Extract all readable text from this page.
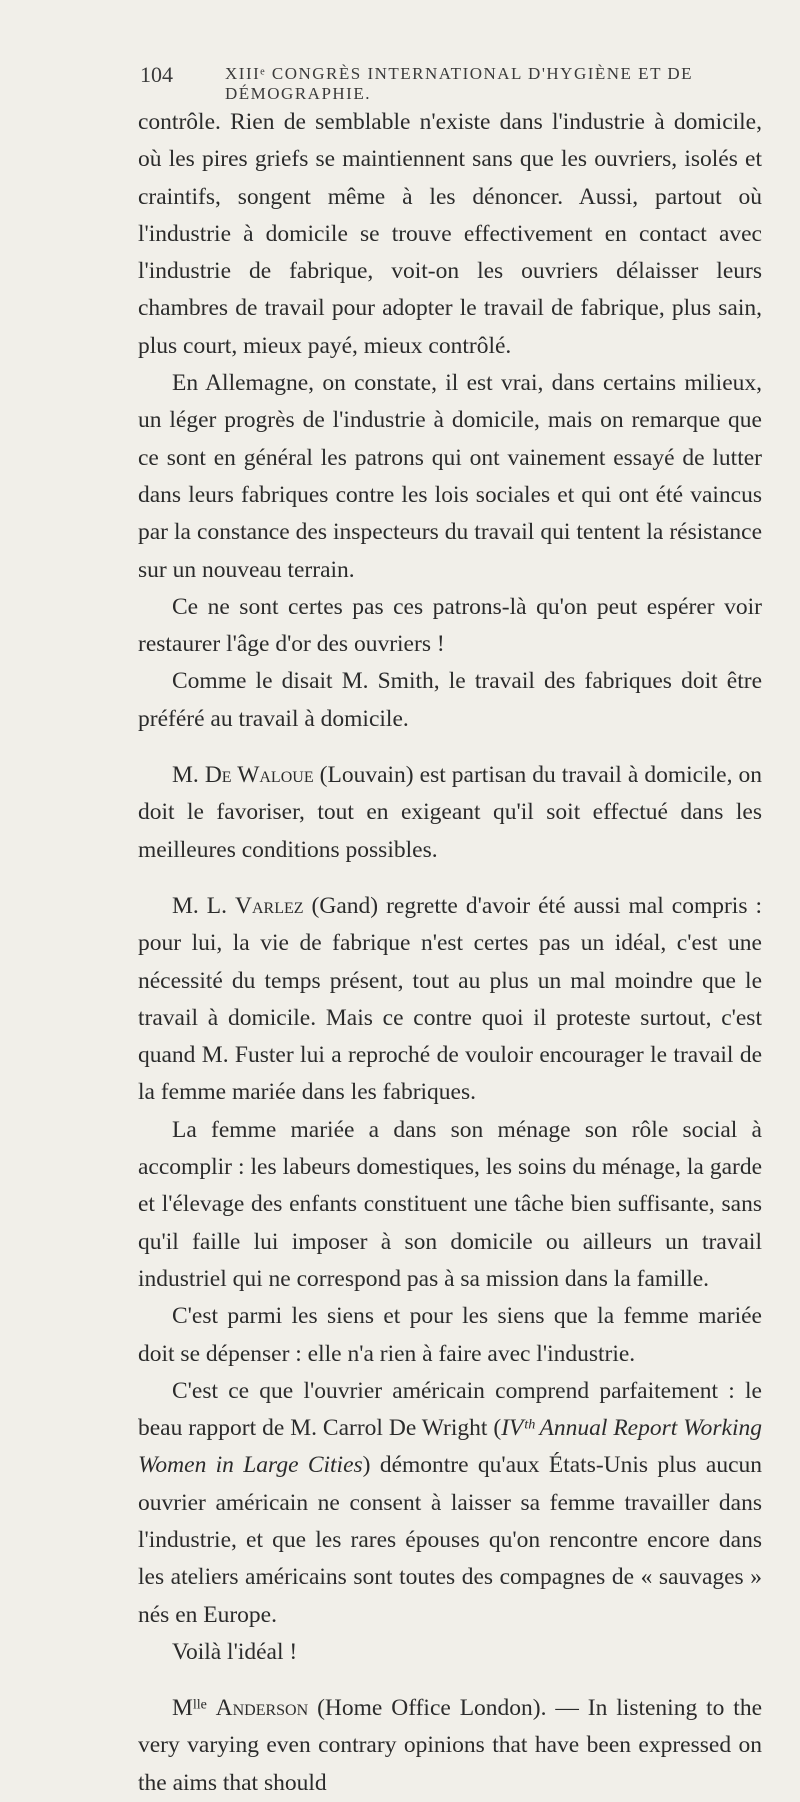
104	XIIIᵉ CONGRÈS INTERNATIONAL D'HYGIÈNE ET DE DÉMOGRAPHIE.

contrôle. Rien de semblable n'existe dans l'industrie à domicile, où les pires griefs se maintiennent sans que les ouvriers, isolés et craintifs, songent même à les dénoncer. Aussi, partout où l'industrie à domicile se trouve effectivement en contact avec l'industrie de fabrique, voit-on les ouvriers délaisser leurs chambres de travail pour adopter le travail de fabrique, plus sain, plus court, mieux payé, mieux contrôlé.

En Allemagne, on constate, il est vrai, dans certains milieux, un léger progrès de l'industrie à domicile, mais on remarque que ce sont en général les patrons qui ont vainement essayé de lutter dans leurs fabriques contre les lois sociales et qui ont été vaincus par la constance des inspecteurs du travail qui tentent la résistance sur un nouveau terrain.

Ce ne sont certes pas ces patrons-là qu'on peut espérer voir restaurer l'âge d'or des ouvriers !

Comme le disait M. Smith, le travail des fabriques doit être préféré au travail à domicile.

M. De Waloue (Louvain) est partisan du travail à domicile, on doit le favoriser, tout en exigeant qu'il soit effectué dans les meilleures conditions possibles.

M. L. Varlez (Gand) regrette d'avoir été aussi mal compris : pour lui, la vie de fabrique n'est certes pas un idéal, c'est une nécessité du temps présent, tout au plus un mal moindre que le travail à domicile. Mais ce contre quoi il proteste surtout, c'est quand M. Fuster lui a reproché de vouloir encourager le travail de la femme mariée dans les fabriques.

La femme mariée a dans son ménage son rôle social à accomplir : les labeurs domestiques, les soins du ménage, la garde et l'élevage des enfants constituent une tâche bien suffisante, sans qu'il faille lui imposer à son domicile ou ailleurs un travail industriel qui ne correspond pas à sa mission dans la famille.

C'est parmi les siens et pour les siens que la femme mariée doit se dépenser : elle n'a rien à faire avec l'industrie.

C'est ce que l'ouvrier américain comprend parfaitement : le beau rapport de M. Carrol De Wright (IVᵗʰ Annual Report Working Women in Large Cities) démontre qu'aux États-Unis plus aucun ouvrier américain ne consent à laisser sa femme travailler dans l'industrie, et que les rares épouses qu'on rencontre encore dans les ateliers américains sont toutes des compagnes de « sauvages » nés en Europe.

Voilà l'idéal !

Mˡˡᵉ Anderson (Home Office London). — In listening to the very varying even contrary opinions that have been expressed on the aims that should
